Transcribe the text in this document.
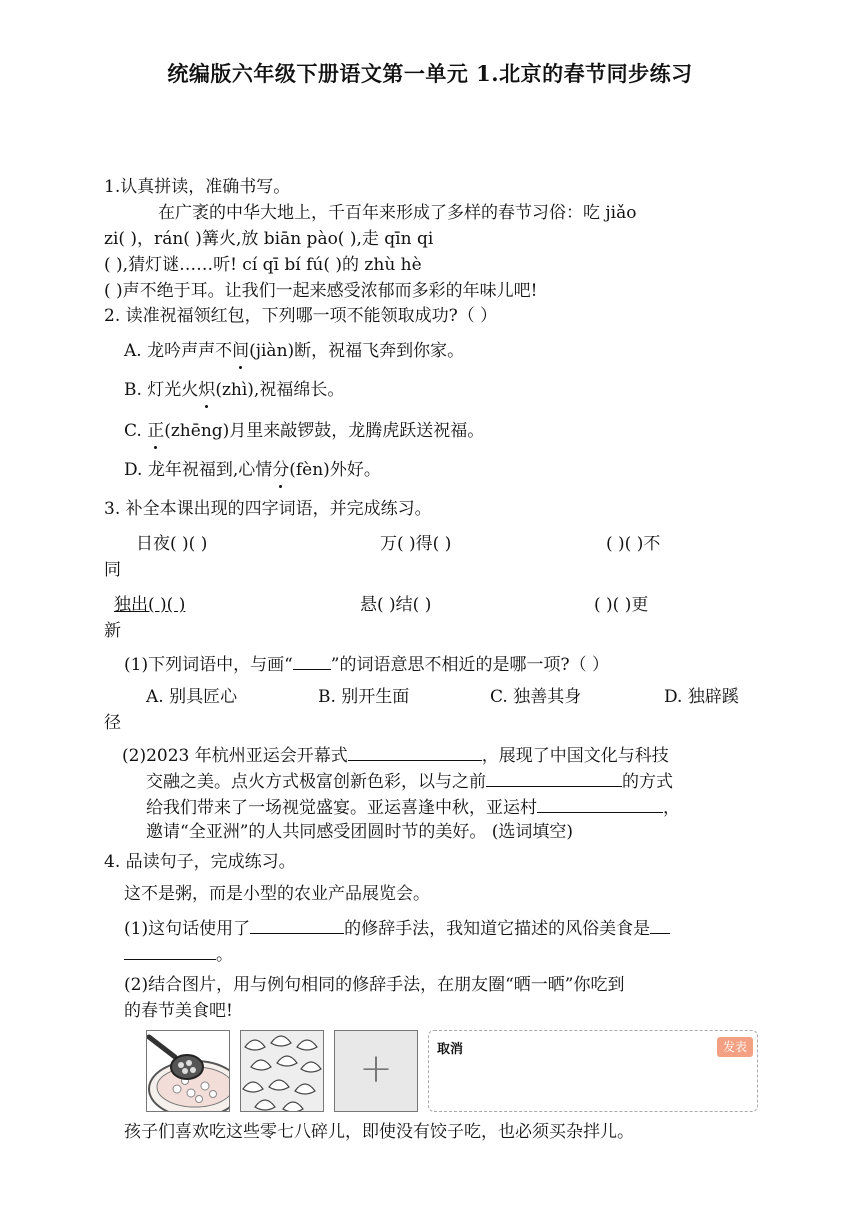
统编版六年级下册语文第一单元 1.北京的春节同步练习
1.认真拼读，准确书写。
在广袤的中华大地上，千百年来形成了多样的春节习俗：吃 jiǎo
zi( )，rán( )篝火,放 biān pào( ),走 qīn qi
( ),猜灯谜……听! cí qī bí fú( )的 zhù hè
( )声不绝于耳。让我们一起来感受浓郁而多彩的年味儿吧!
2. 读准祝福领红包，下列哪一项不能领取成功?（ ）
A. 龙吟声声不间(jiàn)断，祝福飞奔到你家。
B. 灯光火炽(zhì),祝福绵长。
C. 正(zhēng)月里来敲锣鼓，龙腾虎跃送祝福。
D. 龙年祝福到,心情分(fèn)外好。
3. 补全本课出现的四字词语，并完成练习。
日夜( )( )	万( )得( )	( )( )不
同
独出( )( )	悬( )结( )	( )( )更
新
(1)下列词语中，与画“ ”的词语意思不相近的是哪一项?（ ）
A. 别具匠心	B. 别开生面	C. 独善其身	D. 独辟蹊
径
(2)2023 年杭州亚运会开幕式	，展现了中国文化与科技
交融之美。点火方式极富创新色彩，以与之前	的方式
给我们带来了一场视觉盛宴。亚运喜逢中秋，亚运村	，
邀请“全亚洲”的人共同感受团圆时节的美好。 (选词填空)
4. 品读句子，完成练习。
这不是粥，而是小型的农业产品展览会。
(1)这句话使用了	的修辞手法，我知道它描述的风俗美食是
。
(2)结合图片，用与例句相同的修辞手法，在朋友圈“晒一晒”你吃到
的春节美食吧!
+	取消	发表
孩子们喜欢吃这些零七八碎儿，即使没有饺子吃，也必须买杂拌儿。
